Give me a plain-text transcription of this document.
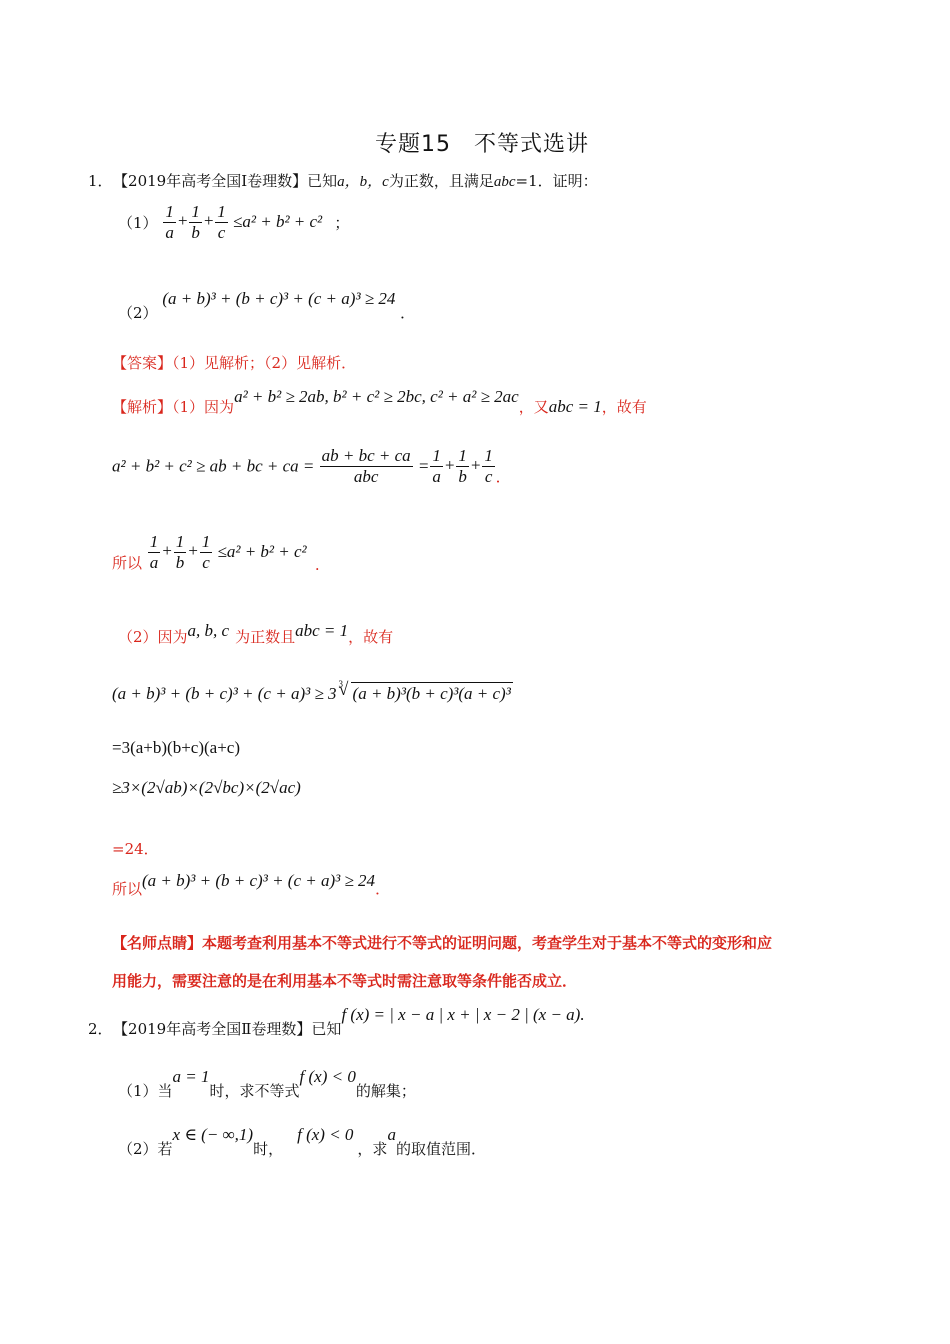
专题15　不等式选讲
1． 【2019年高考全国Ⅰ卷理数】已知a，b，c为正数，且满足abc=1．证明：
$(1) \frac{1}{a} + \frac{1}{b} + \frac{1}{c} \le a^2 + b^2 + c^2$ ；
（2） (a + b)³ + (b + c)³ + (c + a)³ ≥ 24 ．
【答案】（1）见解析；（2）见解析．
【解析】（1）因为a² + b² ≥ 2ab, b² + c² ≥ 2bc, c² + a² ≥ 2ac，又abc = 1，故有
a² + b² + c² ≥ ab + bc + ca = $\frac{ab + bc + ca}{\text{abc}} = \frac{1}{a} + \frac{1}{b} + \frac{1}{c}$ .
所以 $\frac{1}{a} + \frac{1}{b} + \frac{1}{c} \le a^2 + b^2 + c^2$ .
（2）因为a, b, c 为正数且abc = 1，故有
(a + b)³ + (b + c)³ + (c + a)³ ≥ 3
√ 3 (a + b)³(b + c)³(a + c)³
=3(a+b)(b+c)(a+c)
≥3×(2√ab)×(2√bc)×(2√ac)
=24．
所以(a + b)³ + (b + c)³ + (c + a)³ ≥ 24．
【名师点睛】本题考查利用基本不等式进行不等式的证明问题，考查学生对于基本不等式的变形和应
用能力，需要注意的是在利用基本不等式时需注意取等条件能否成立．
2． 【2019年高考全国Ⅱ卷理数】已知f (x) = | x − a | x + | x − 2 | (x − a).
（1）当a = 1时，求不等式f (x) < 0的解集；
（2）若x ∈ (− ∞,1)时，f (x) < 0，求a的取值范围．
